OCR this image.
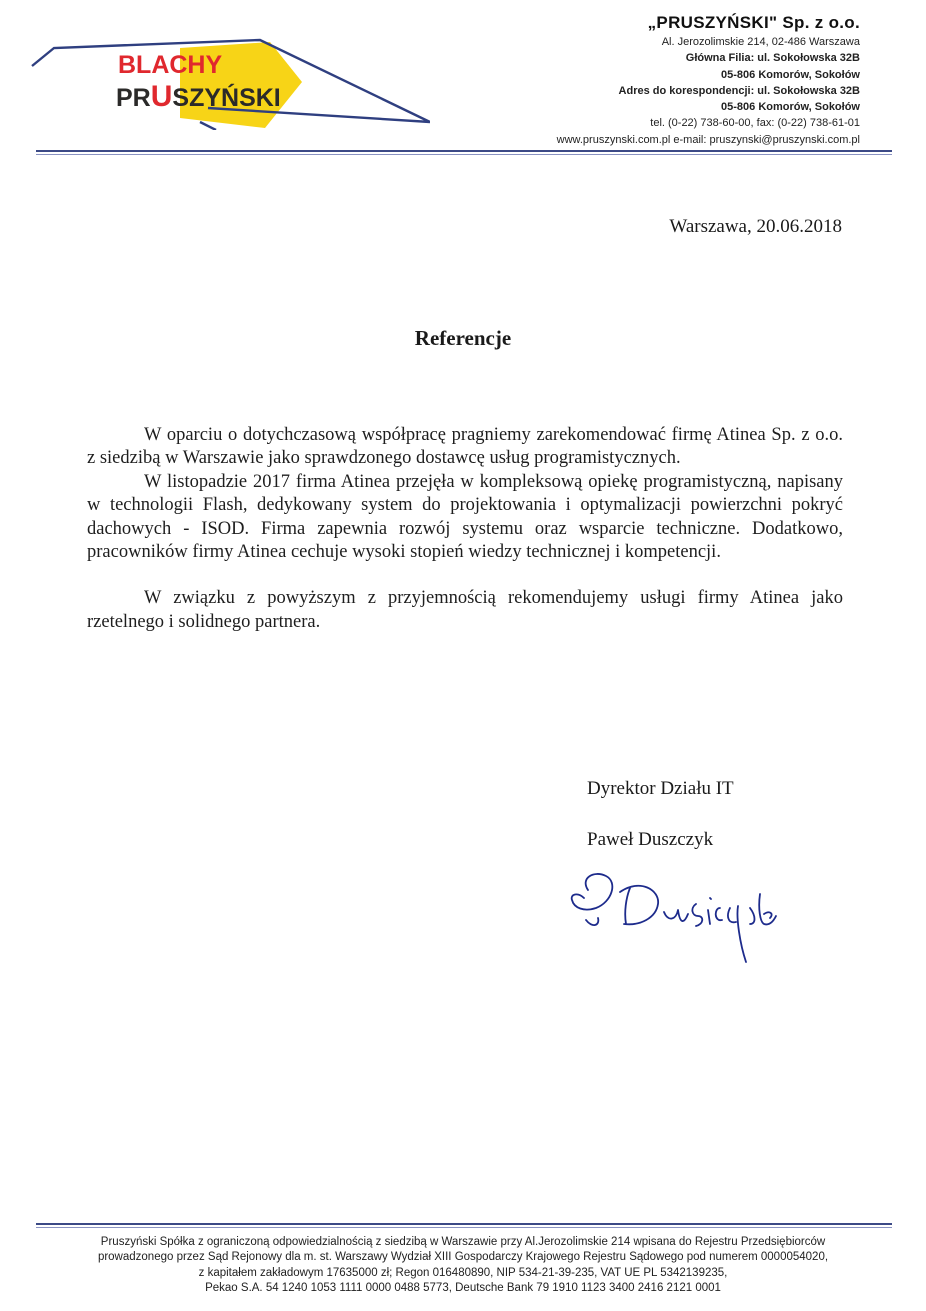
BLACHY
PRUSZYŃSKI
„PRUSZYŃSKI" Sp. z o.o.
Al. Jerozolimskie 214, 02-486 Warszawa
Główna Filia: ul. Sokołowska 32B
05-806 Komorów, Sokołów
Adres do korespondencji: ul. Sokołowska 32B
05-806 Komorów, Sokołów
tel. (0-22) 738-60-00, fax: (0-22) 738-61-01
www.pruszynski.com.pl e-mail: pruszynski@pruszynski.com.pl
Warszawa, 20.06.2018
Referencje

W oparciu o dotychczasową współpracę pragniemy zarekomendować firmę Atinea Sp. z o.o. z siedzibą w Warszawie jako sprawdzonego dostawcę usług programistycznych.

W listopadzie 2017 firma Atinea przejęła w kompleksową opiekę programistyczną, napisany w technologii Flash, dedykowany system do projektowania i optymalizacji powierzchni pokryć dachowych - ISOD. Firma zapewnia rozwój systemu oraz wsparcie techniczne. Dodatkowo, pracowników firmy Atinea cechuje wysoki stopień wiedzy technicznej i kompetencji.

W związku z powyższym z przyjemnością rekomendujemy usługi firmy Atinea jako rzetelnego i solidnego partnera.

Dyrektor Działu IT
Paweł Duszczyk
Pruszyński Spółka z ograniczoną odpowiedzialnością z siedzibą w Warszawie przy Al.Jerozolimskie 214 wpisana do Rejestru Przedsiębiorców
prowadzonego przez Sąd Rejonowy dla m. st. Warszawy Wydział XIII Gospodarczy Krajowego Rejestru Sądowego pod numerem 0000054020,
z kapitałem zakładowym 17635000 zł; Regon 016480890, NIP 534-21-39-235, VAT UE PL 5342139235,
Pekao S.A. 54 1240 1053 1111 0000 0488 5773, Deutsche Bank 79 1910 1123 3400 2416 2121 0001
